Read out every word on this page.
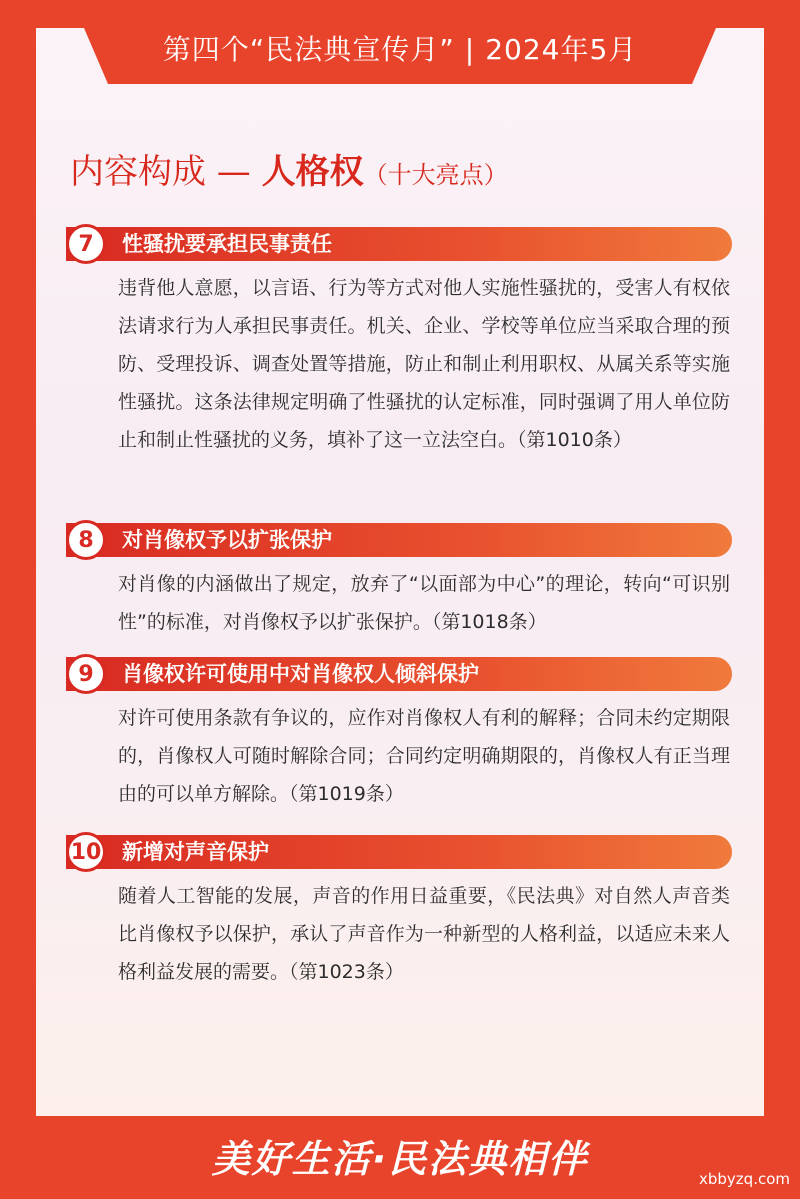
第四个“民法典宣传月” | 2024年5月
内容构成 — 人格权（十大亮点）
7	性骚扰要承担民事责任
违背他人意愿，以言语、行为等方式对他人实施性骚扰的，受害人有权依法请求行为人承担民事责任。机关、企业、学校等单位应当采取合理的预防、受理投诉、调查处置等措施，防止和制止利用职权、从属关系等实施性骚扰。这条法律规定明确了性骚扰的认定标准，同时强调了用人单位防止和制止性骚扰的义务，填补了这一立法空白。（第1010条）
8	对肖像权予以扩张保护
对肖像的内涵做出了规定，放弃了“以面部为中心”的理论，转向“可识别性”的标准，对肖像权予以扩张保护。（第1018条）
9	肖像权许可使用中对肖像权人倾斜保护
对许可使用条款有争议的，应作对肖像权人有利的解释；合同未约定期限的，肖像权人可随时解除合同；合同约定明确期限的，肖像权人有正当理由的可以单方解除。（第1019条）
10 新增对声音保护
随着人工智能的发展，声音的作用日益重要，《民法典》对自然人声音类比肖像权予以保护，承认了声音作为一种新型的人格利益，以适应未来人格利益发展的需要。（第1023条）
美好生活·民法典相伴	xbbyzq.com
